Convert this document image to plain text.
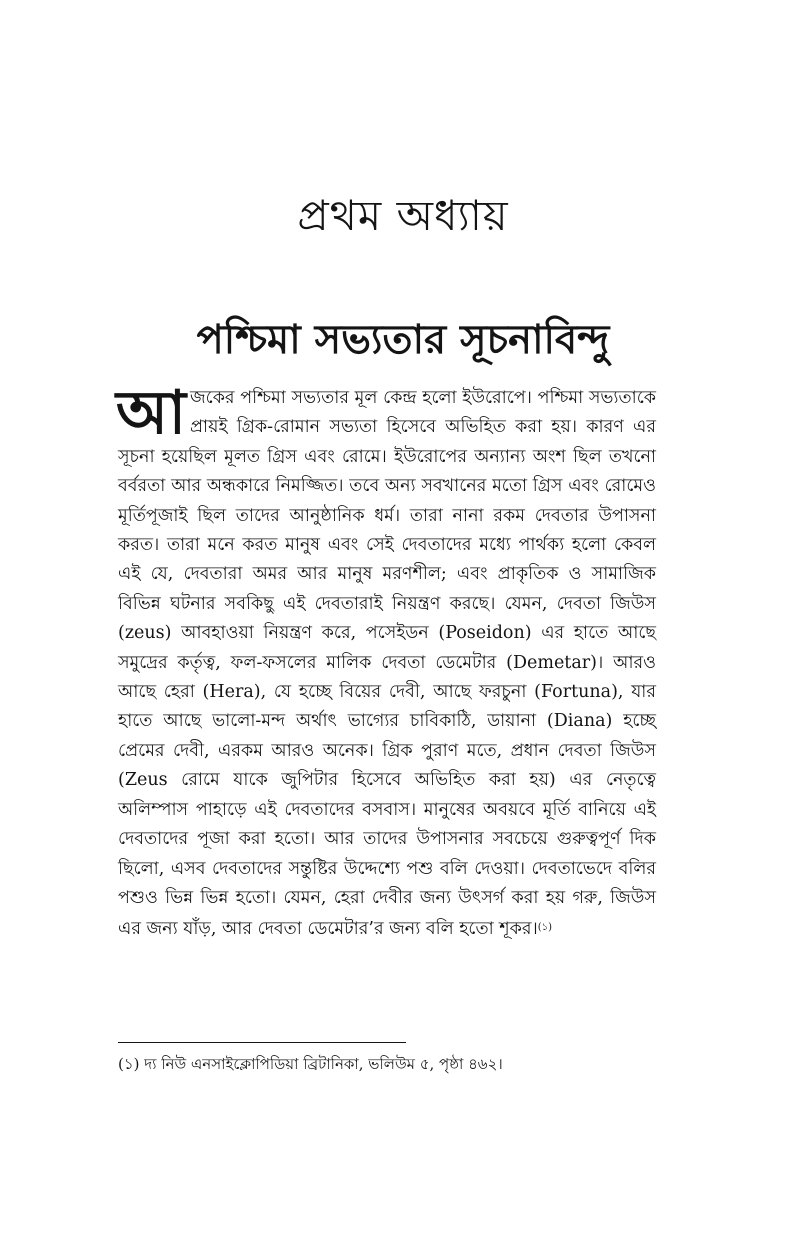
প্রথম অধ্যায়
পশ্চিমা সভ্যতার সূচনাবিন্দু

আজকের পশ্চিমা সভ্যতার মূল কেন্দ্র হলো ইউরোপে। পশ্চিমা সভ্যতাকে প্রায়ই গ্রিক-রোমান সভ্যতা হিসেবে অভিহিত করা হয়। কারণ এর সূচনা হয়েছিল মূলত গ্রিস এবং রোমে। ইউরোপের অন্যান্য অংশ ছিল তখনো বর্বরতা আর অন্ধকারে নিমজ্জিত। তবে অন্য সবখানের মতো গ্রিস এবং রোমেও মূর্তিপূজাই ছিল তাদের আনুষ্ঠানিক ধর্ম। তারা নানা রকম দেবতার উপাসনা করত। তারা মনে করত মানুষ এবং সেই দেবতাদের মধ্যে পার্থক্য হলো কেবল এই যে, দেবতারা অমর আর মানুষ মরণশীল; এবং প্রাকৃতিক ও সামাজিক বিভিন্ন ঘটনার সবকিছু এই দেবতারাই নিয়ন্ত্রণ করছে। যেমন, দেবতা জিউস (zeus) আবহাওয়া নিয়ন্ত্রণ করে, পসেইডন (Poseidon) এর হাতে আছে সমুদ্রের কর্তৃত্ব, ফল-ফসলের মালিক দেবতা ডেমেটার (Demetar)। আরও আছে হেরা (Hera), যে হচ্ছে বিয়ের দেবী, আছে ফরচুনা (Fortuna), যার হাতে আছে ভালো-মন্দ অর্থাৎ ভাগ্যের চাবিকাঠি, ডায়ানা (Diana) হচ্ছে প্রেমের দেবী, এরকম আরও অনেক। গ্রিক পুরাণ মতে, প্রধান দেবতা জিউস (Zeus রোমে যাকে জুপিটার হিসেবে অভিহিত করা হয়) এর নেতৃত্বে অলিম্পাস পাহাড়ে এই দেবতাদের বসবাস। মানুষের অবয়বে মূর্তি বানিয়ে এই দেবতাদের পূজা করা হতো। আর তাদের উপাসনার সবচেয়ে গুরুত্বপূর্ণ দিক ছিলো, এসব দেবতাদের সন্তুষ্টির উদ্দেশ্যে পশু বলি দেওয়া। দেবতাভেদে বলির পশুও ভিন্ন ভিন্ন হতো। যেমন, হেরা দেবীর জন্য উৎসর্গ করা হয় গরু, জিউস এর জন্য যাঁড়, আর দেবতা ডেমেটার’র জন্য বলি হতো শূকর।$^{(১)}$

(১) দ্য নিউ এনসাইক্লোপিডিয়া ব্রিটানিকা, ভলিউম ৫, পৃষ্ঠা ৪৬২।
